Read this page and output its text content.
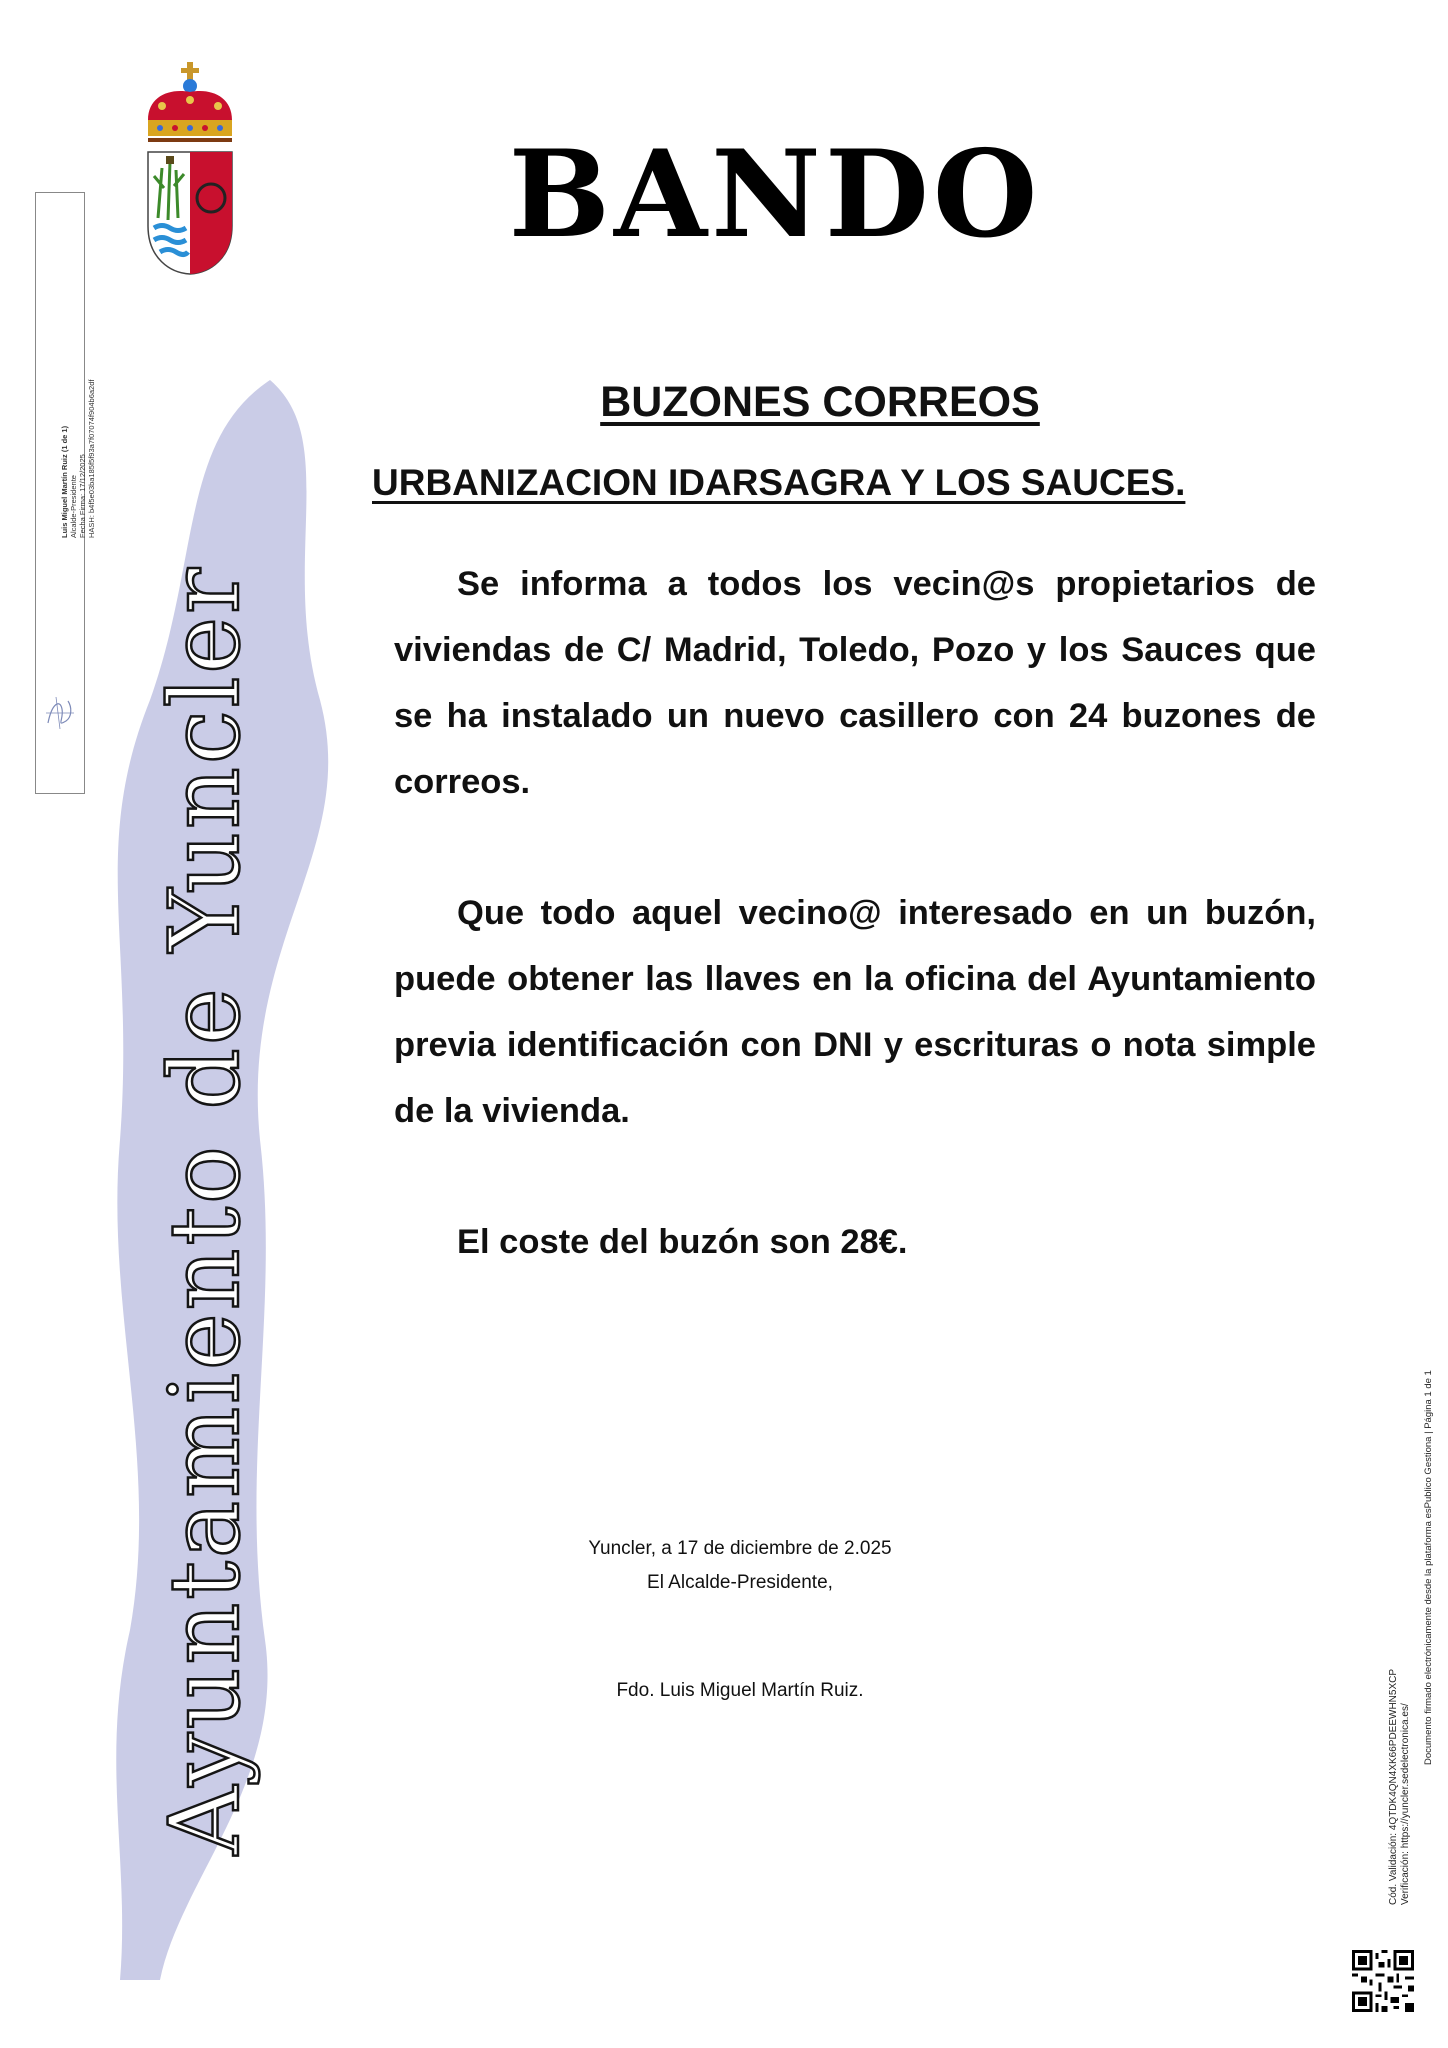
Ayuntamiento de Yuncler
Luis Miguel Martín Ruiz (1 de 1) Alcalde-Presidente Fecha Firma: 17/12/2025 HASH: b4f5e03ba185f5f93a7f07074f904b6a2df
BANDO
BUZONES CORREOS
URBANIZACION IDARSAGRA Y LOS SAUCES.
Se informa a todos los vecin@s propietarios de viviendas de C/ Madrid, Toledo, Pozo y los Sauces que se ha instalado un nuevo casillero con 24 buzones de correos.
Que todo aquel vecino@ interesado en un buzón, puede obtener las llaves en la oficina del Ayuntamiento previa identificación con DNI y escrituras o nota simple de la vivienda.
El coste del buzón son 28€.
Yuncler, a 17 de diciembre de 2.025
El Alcalde-Presidente,
Fdo. Luis Miguel Martín Ruiz.	Cód. Validación: 4QTDK4QN4XK66PDEEWHN5XCP Verificación: https://yuncler.sedelectronica.es/
Documento firmado electrónicamente desde la plataforma esPublico Gestiona | Página 1 de 1
